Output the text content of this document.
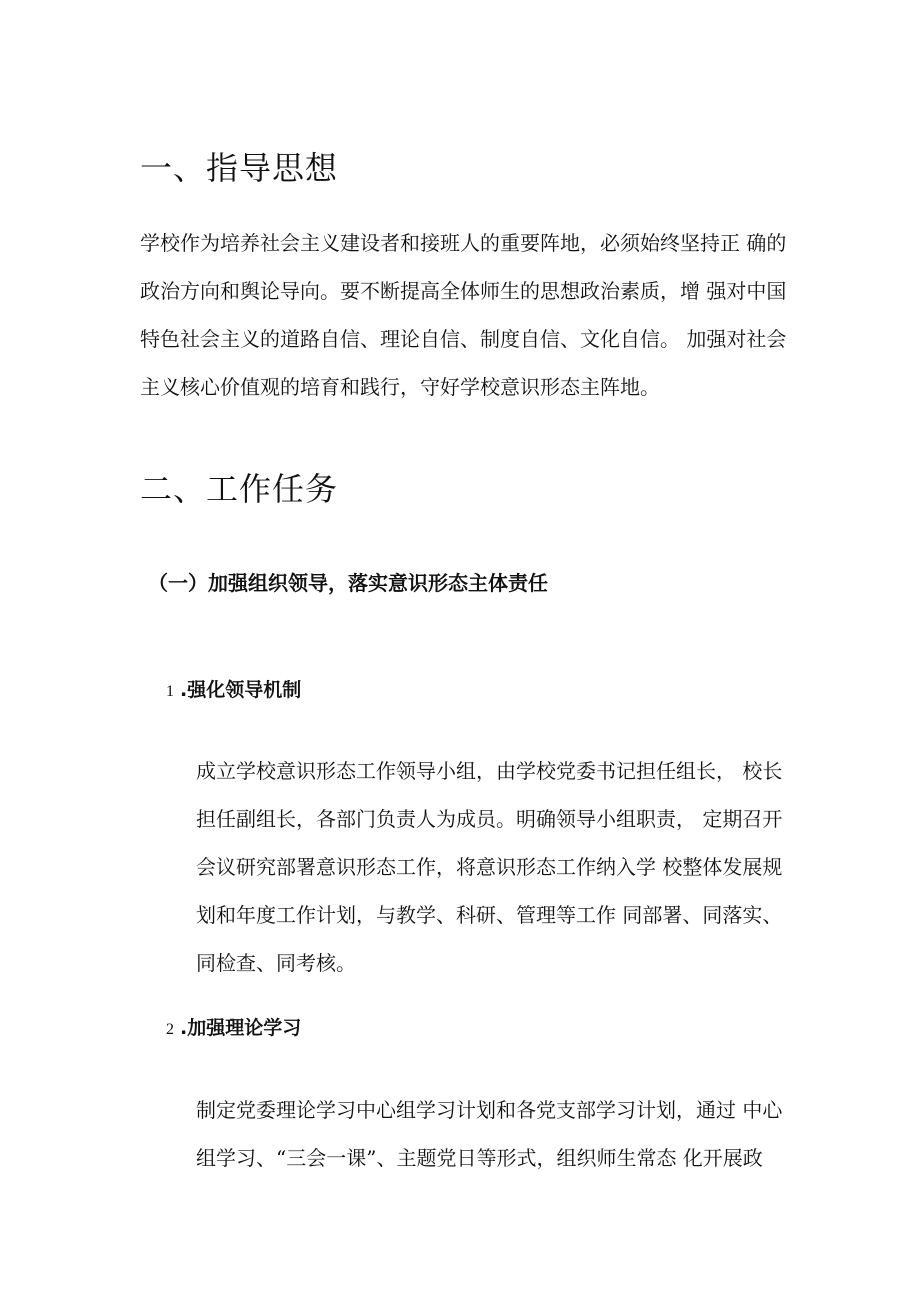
一、指导思想
学校作为培养社会主义建设者和接班人的重要阵地，必须始终坚持正 确的
政治方向和舆论导向。要不断提高全体师生的思想政治素质，增 强对中国
特色社会主义的道路自信、理论自信、制度自信、文化自信。 加强对社会
主义核心价值观的培育和践行，守好学校意识形态主阵地。
二、工作任务
（一）加强组织领导，落实意识形态主体责任
1 .强化领导机制
成立学校意识形态工作领导小组，由学校党委书记担任组长， 校长
担任副组长，各部门负责人为成员。明确领导小组职责， 定期召开
会议研究部署意识形态工作，将意识形态工作纳入学 校整体发展规
划和年度工作计划，与教学、科研、管理等工作 同部署、同落实、
同检查、同考核。
2 .加强理论学习
制定党委理论学习中心组学习计划和各党支部学习计划，通过 中心
组学习、“三会一课”、主题党日等形式，组织师生常态 化开展政
